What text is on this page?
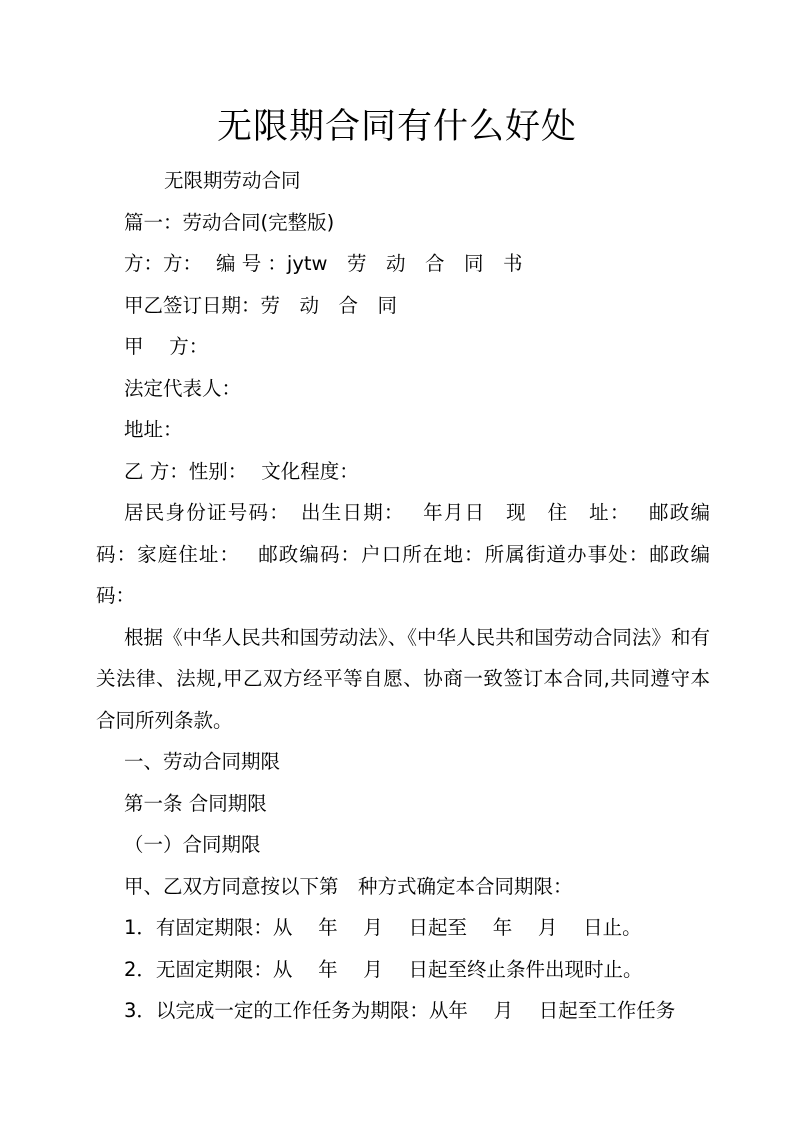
无限期合同有什么好处

无限期劳动合同

篇一：劳动合同(完整版)

方：方： 编 号 ：jytw　劳　动　合　同　书

甲乙签订日期：劳　动　合　同

甲　 方：

法定代表人：

地址：

乙 方：性别： 文化程度：

居民身份证号码：　出生日期：　 年月日　现　住　址：　 邮政编码：家庭住址：　 邮政编码：户口所在地：所属街道办事处：邮政编码：

根据《中华人民共和国劳动法》、《中华人民共和国劳动合同法》和有关法律、法规,甲乙双方经平等自愿、协商一致签订本合同,共同遵守本合同所列条款。

一、劳动合同期限

第一条 合同期限

（一）合同期限

甲、乙双方同意按以下第　种方式确定本合同期限：

1．有固定期限：从　 年　 月　 日起至　 年　 月　 日止。

2．无固定期限：从　 年　 月　 日起至终止条件出现时止。

3．以完成一定的工作任务为期限：从年　 月　 日起至工作任务
